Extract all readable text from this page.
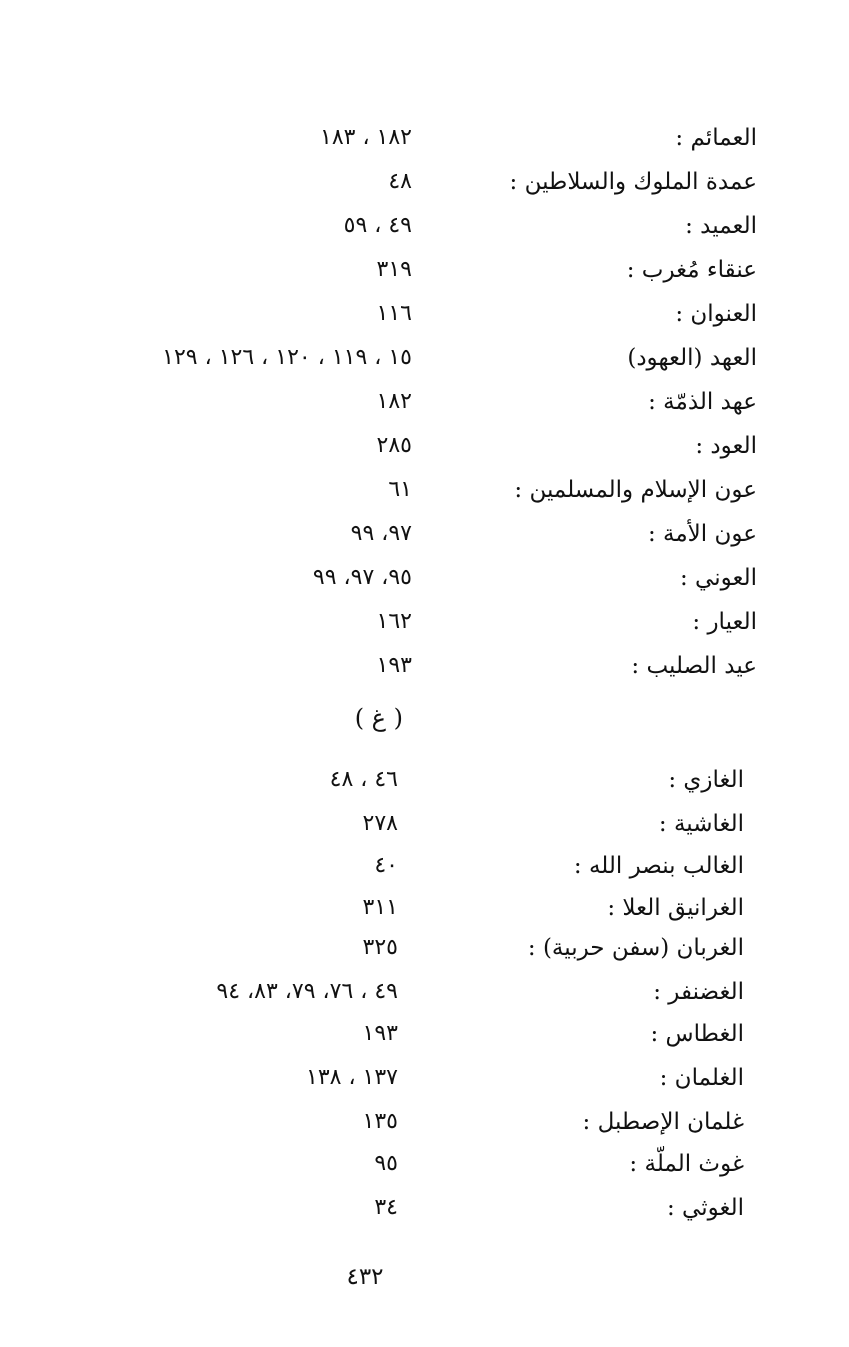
العمائم :
١٨٢ ، ١٨٣
عمدة الملوك والسلاطين :
٤٨
العميد :
٤٩ ، ٥٩
عنقاء مُغرب :
٣١٩
العنوان :
١١٦
العهد (العهود)
١٥ ، ١١٩ ، ١٢٠ ، ١٢٦ ، ١٢٩
عهد الذمّة :
١٨٢
العود :
٢٨٥
عون الإسلام والمسلمين :
٦١
عون الأمة :
٩٧، ٩٩
العوني :
٩٥، ٩٧، ٩٩
العيار :
١٦٢
عيد الصليب :
١٩٣
( غ )
الغازي :
٤٦ ، ٤٨
الغاشية :
٢٧٨
الغالب بنصر الله :
٤٠
الغرانيق العلا :
٣١١
الغربان (سفن حربية) :
٣٢٥
الغضنفر :
٤٩ ، ٧٦، ٧٩، ٨٣، ٩٤
الغطاس :
١٩٣
الغلمان :
١٣٧ ، ١٣٨
غلمان الإصطبل :
١٣٥
غوث الملّة :
٩٥
الغوثي :
٣٤
٤٣٢
